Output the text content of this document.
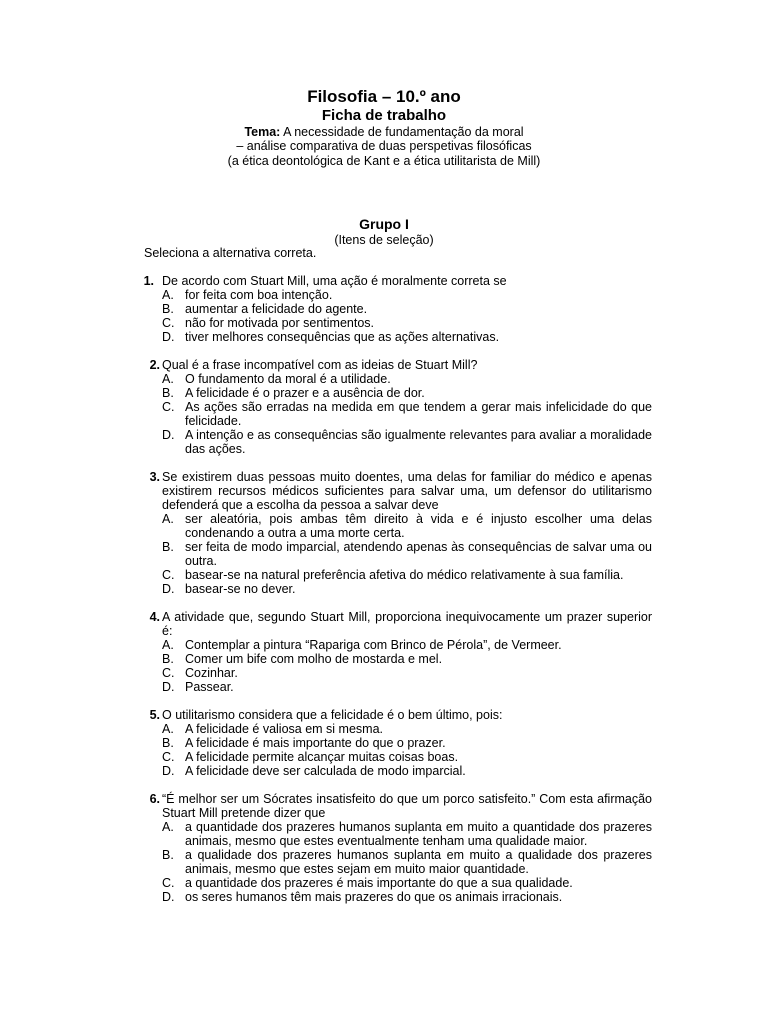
Filosofia – 10.º ano
Ficha de trabalho
Tema: A necessidade de fundamentação da moral
– análise comparativa de duas perspetivas filosóficas
(a ética deontológica de Kant e a ética utilitarista de Mill)
Grupo I
(Itens de seleção)
Seleciona a alternativa correta.
1. De acordo com Stuart Mill, uma ação é moralmente correta se
A. for feita com boa intenção.
B. aumentar a felicidade do agente.
C. não for motivada por sentimentos.
D. tiver melhores consequências que as ações alternativas.
2. Qual é a frase incompatível com as ideias de Stuart Mill?
A. O fundamento da moral é a utilidade.
B. A felicidade é o prazer e a ausência de dor.
C. As ações são erradas na medida em que tendem a gerar mais infelicidade do que felicidade.
D. A intenção e as consequências são igualmente relevantes para avaliar a moralidade das ações.
3. Se existirem duas pessoas muito doentes, uma delas for familiar do médico e apenas existirem recursos médicos suficientes para salvar uma, um defensor do utilitarismo defenderá que a escolha da pessoa a salvar deve
A. ser aleatória, pois ambas têm direito à vida e é injusto escolher uma delas condenando a outra a uma morte certa.
B. ser feita de modo imparcial, atendendo apenas às consequências de salvar uma ou outra.
C. basear-se na natural preferência afetiva do médico relativamente à sua família.
D. basear-se no dever.
4. A atividade que, segundo Stuart Mill, proporciona inequivocamente um prazer superior é:
A. Contemplar a pintura “Rapariga com Brinco de Pérola”, de Vermeer.
B. Comer um bife com molho de mostarda e mel.
C. Cozinhar.
D. Passear.
5. O utilitarismo considera que a felicidade é o bem último, pois:
A. A felicidade é valiosa em si mesma.
B. A felicidade é mais importante do que o prazer.
C. A felicidade permite alcançar muitas coisas boas.
D. A felicidade deve ser calculada de modo imparcial.
6. “É melhor ser um Sócrates insatisfeito do que um porco satisfeito.” Com esta afirmação Stuart Mill pretende dizer que
A. a quantidade dos prazeres humanos suplanta em muito a quantidade dos prazeres animais, mesmo que estes eventualmente tenham uma qualidade maior.
B. a qualidade dos prazeres humanos suplanta em muito a qualidade dos prazeres animais, mesmo que estes sejam em muito maior quantidade.
C. a quantidade dos prazeres é mais importante do que a sua qualidade.
D. os seres humanos têm mais prazeres do que os animais irracionais.
